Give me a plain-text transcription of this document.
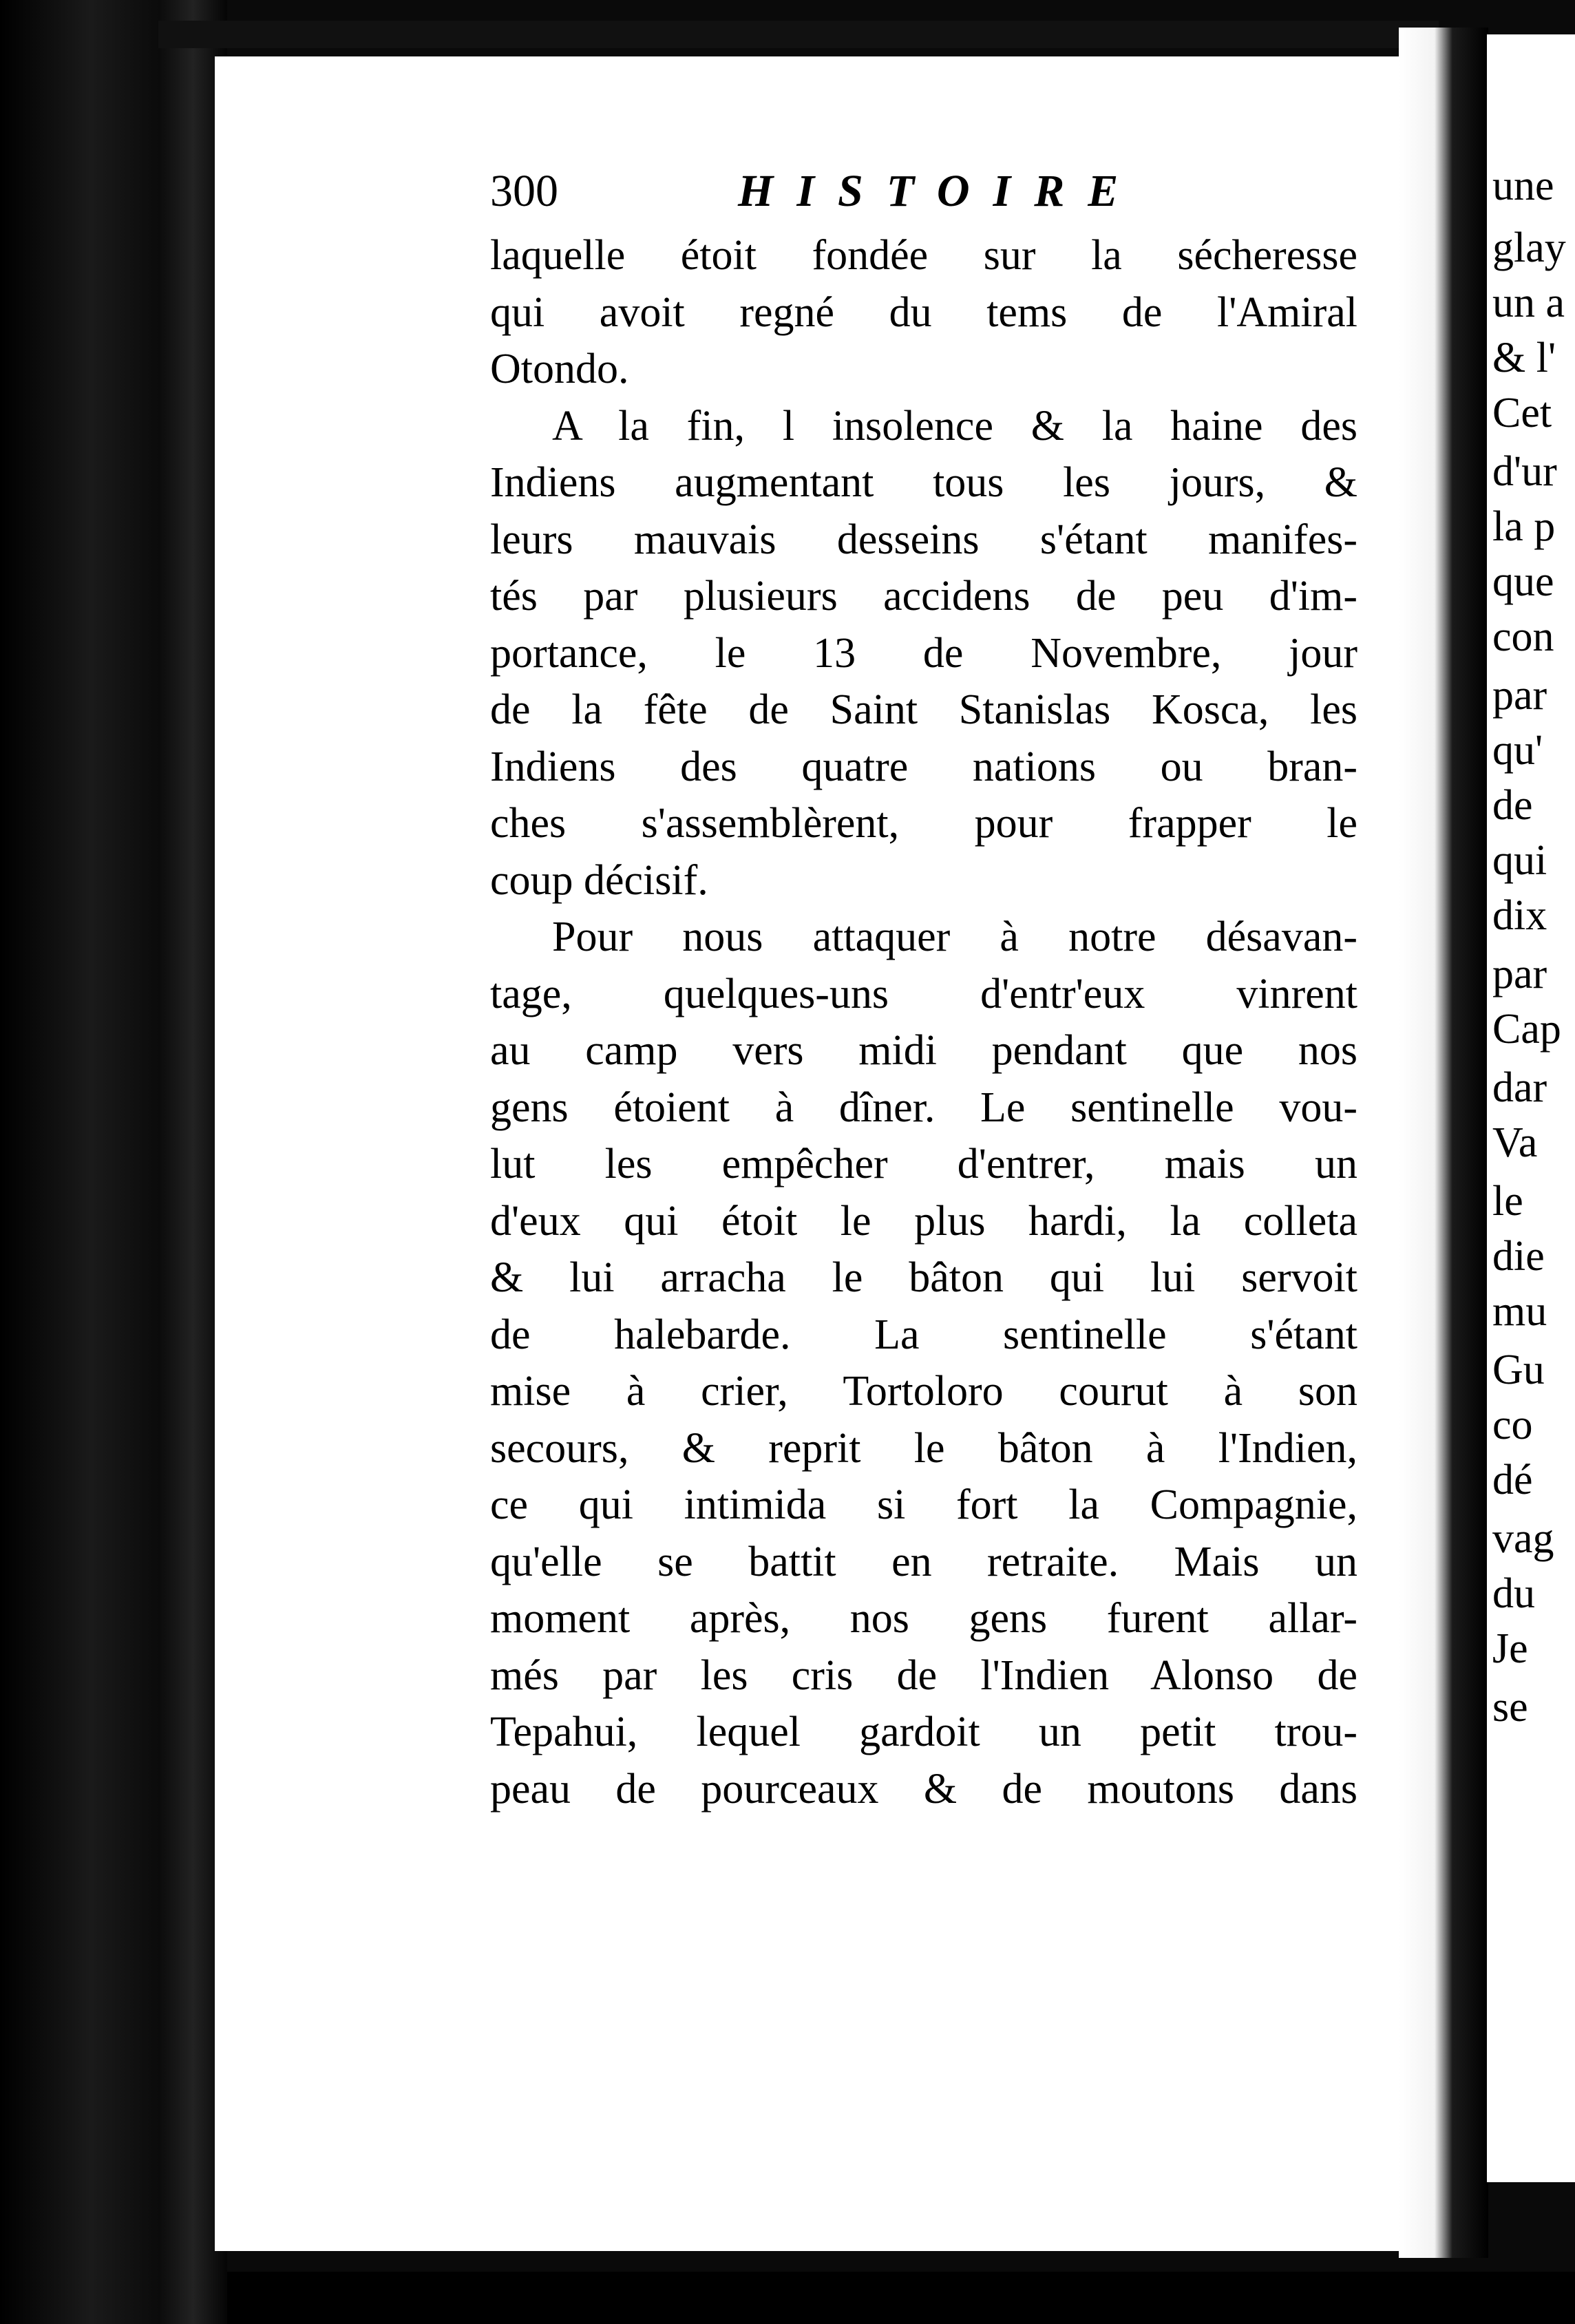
une
glay
un a
& l'
Cet
d'ur
la p
que
con
par
qu'
de
qui
dix
par
Cap
dar
Va
le
die
mu
Gu
co
dé
vag
du
Je
se
300	HISTOIRE
laquelle étoit fondée sur la sécheresse
qui avoit regné du tems de l'Amiral
Otondo.
A la fin, l insolence & la haine des
Indiens augmentant tous les jours, &
leurs mauvais desseins s'étant manifes-
tés par plusieurs accidens de peu d'im-
portance, le 13 de Novembre, jour
de la fête de Saint Stanislas Kosca, les
Indiens des quatre nations ou bran-
ches s'assemblèrent, pour frapper le
coup décisif.
Pour nous attaquer à notre désavan-
tage, quelques-uns d'entr'eux vinrent
au camp vers midi pendant que nos
gens étoient à dîner. Le sentinelle vou-
lut les empêcher d'entrer, mais un
d'eux qui étoit le plus hardi, la colleta
& lui arracha le bâton qui lui servoit
de halebarde. La sentinelle s'étant
mise à crier, Tortoloro courut à son
secours, & reprit le bâton à l'Indien,
ce qui intimida si fort la Compagnie,
qu'elle se battit en retraite. Mais un
moment après, nos gens furent allar-
més par les cris de l'Indien Alonso de
Tepahui, lequel gardoit un petit trou-
peau de pourceaux & de moutons dans
